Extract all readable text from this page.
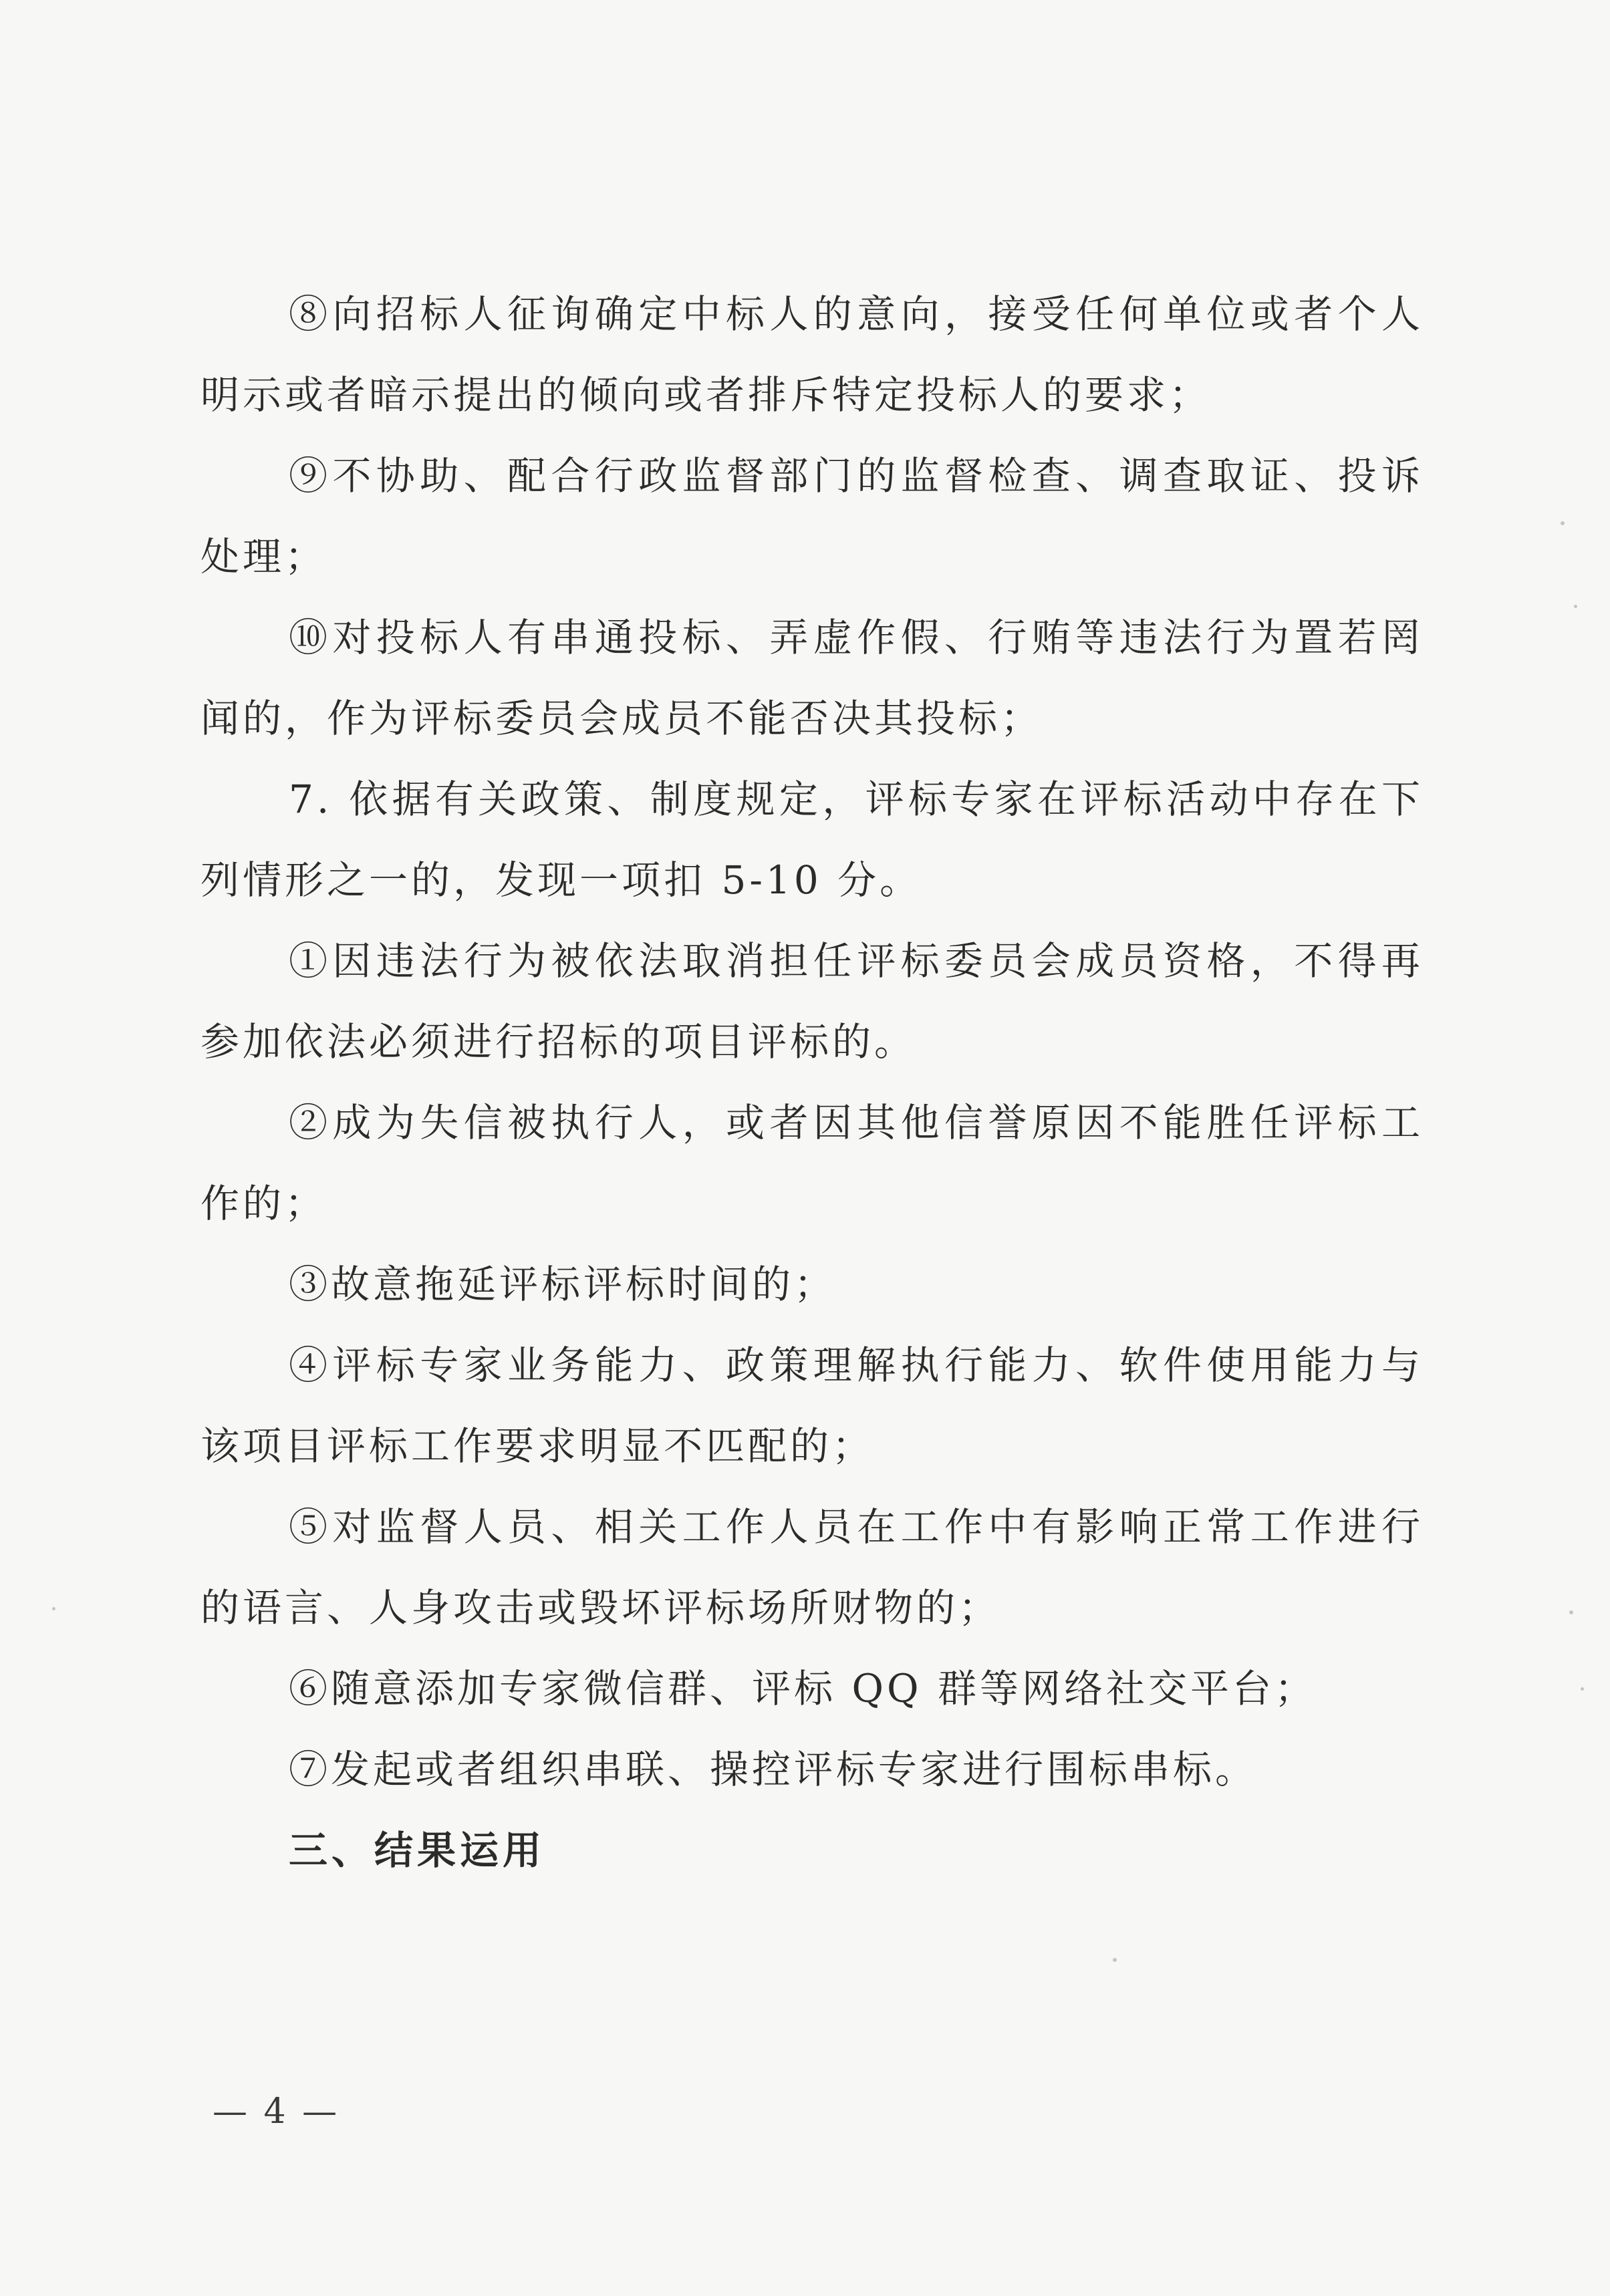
⑧向招标人征询确定中标人的意向，接受任何单位或者个人明示或者暗示提出的倾向或者排斥特定投标人的要求；

⑨不协助、配合行政监督部门的监督检查、调查取证、投诉处理；

⑩对投标人有串通投标、弄虚作假、行贿等违法行为置若罔闻的，作为评标委员会成员不能否决其投标；

7. 依据有关政策、制度规定，评标专家在评标活动中存在下列情形之一的，发现一项扣 5-10 分。

①因违法行为被依法取消担任评标委员会成员资格，不得再参加依法必须进行招标的项目评标的。

②成为失信被执行人，或者因其他信誉原因不能胜任评标工作的；

③故意拖延评标评标时间的；

④评标专家业务能力、政策理解执行能力、软件使用能力与该项目评标工作要求明显不匹配的；

⑤对监督人员、相关工作人员在工作中有影响正常工作进行的语言、人身攻击或毁坏评标场所财物的；

⑥随意添加专家微信群、评标 QQ 群等网络社交平台；

⑦发起或者组织串联、操控评标专家进行围标串标。

三、结果运用

— 4 —
